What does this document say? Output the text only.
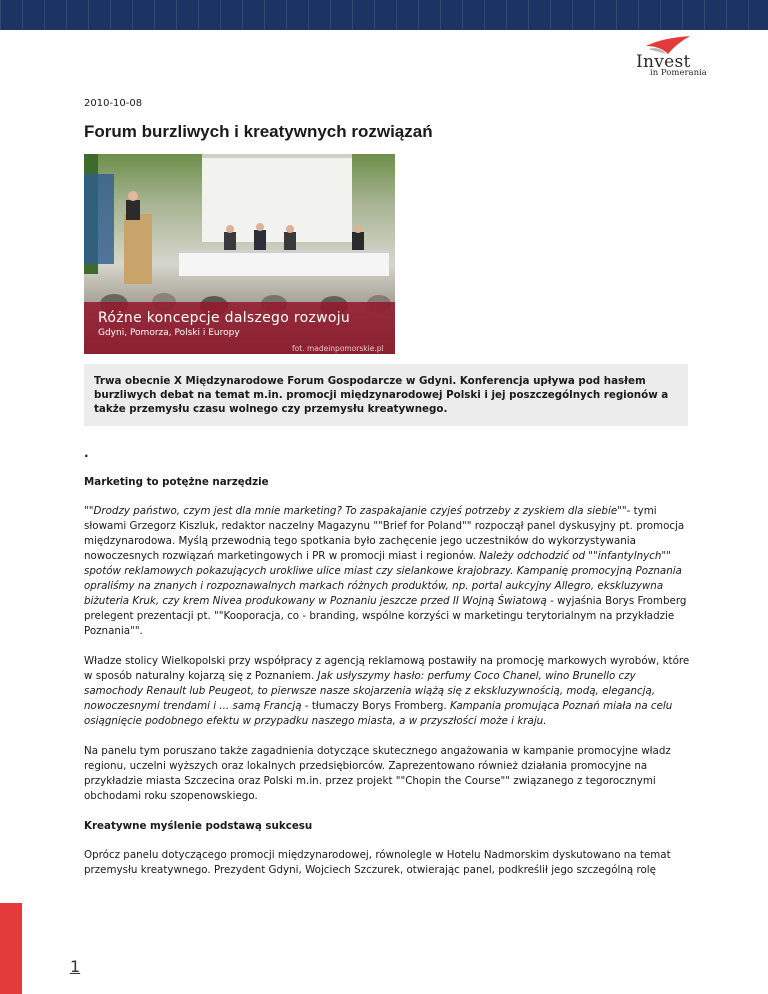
Invest
in Pomerania
2010-10-08
Forum burzliwych i kreatywnych rozwiązań
Różne koncepcje dalszego rozwoju
Gdyni, Pomorza, Polski i Europy
fot. madeinpomorskie.pl
Trwa obecnie X Międzynarodowe Forum Gospodarcze w Gdyni. Konferencja upływa pod hasłem burzliwych debat na temat m.in. promocji międzynarodowej Polski i jej poszczególnych regionów a także przemysłu czasu wolnego czy przemysłu kreatywnego.
.
Marketing to potężne narzędzie

""Drodzy państwo, czym jest dla mnie marketing? To zaspakajanie czyjeś potrzeby z zyskiem dla siebie""- tymi słowami Grzegorz Kiszluk, redaktor naczelny Magazynu ""Brief for Poland"" rozpoczął panel dyskusyjny pt. promocja międzynarodowa. Myślą przewodnią tego spotkania było zachęcenie jego uczestników do wykorzystywania nowoczesnych rozwiązań marketingowych i PR w promocji miast i regionów. Należy odchodzić od ""infantylnych"" spotów reklamowych pokazujących urokliwe ulice miast czy sielankowe krajobrazy. Kampanię promocyjną Poznania opraliśmy na znanych i rozpoznawalnych markach różnych produktów, np. portal aukcyjny Allegro, ekskluzywna biżuteria Kruk, czy krem Nivea produkowany w Poznaniu jeszcze przed II Wojną Światową - wyjaśnia Borys Fromberg prelegent prezentacji pt. ""Kooporacja, co - branding, wspólne korzyści w marketingu terytorialnym na przykładzie Poznania"".

Władze stolicy Wielkopolski przy współpracy z agencją reklamową postawiły na promocję markowych wyrobów, które w sposób naturalny kojarzą się z Poznaniem. Jak usłyszymy hasło: perfumy Coco Chanel, wino Brunello czy samochody Renault lub Peugeot, to pierwsze nasze skojarzenia wiążą się z ekskluzywnością, modą, elegancją, nowoczesnymi trendami i ... samą Francją - tłumaczy Borys Fromberg. Kampania promująca Poznań miała na celu osiągnięcie podobnego efektu w przypadku naszego miasta, a w przyszłości może i kraju.

Na panelu tym poruszano także zagadnienia dotyczące skutecznego angażowania w kampanie promocyjne władz regionu, uczelni wyższych oraz lokalnych przedsiębiorców. Zaprezentowano również działania promocyjne na przykładzie miasta Szczecina oraz Polski m.in. przez projekt ""Chopin the Course"" związanego z tegorocznymi obchodami roku szopenowskiego.

Kreatywne myślenie podstawą sukcesu

Oprócz panelu dotyczącego promocji międzynarodowej, równolegle w Hotelu Nadmorskim dyskutowano na temat przemysłu kreatywnego. Prezydent Gdyni, Wojciech Szczurek, otwierając panel, podkreślił jego szczególną rolę

1
